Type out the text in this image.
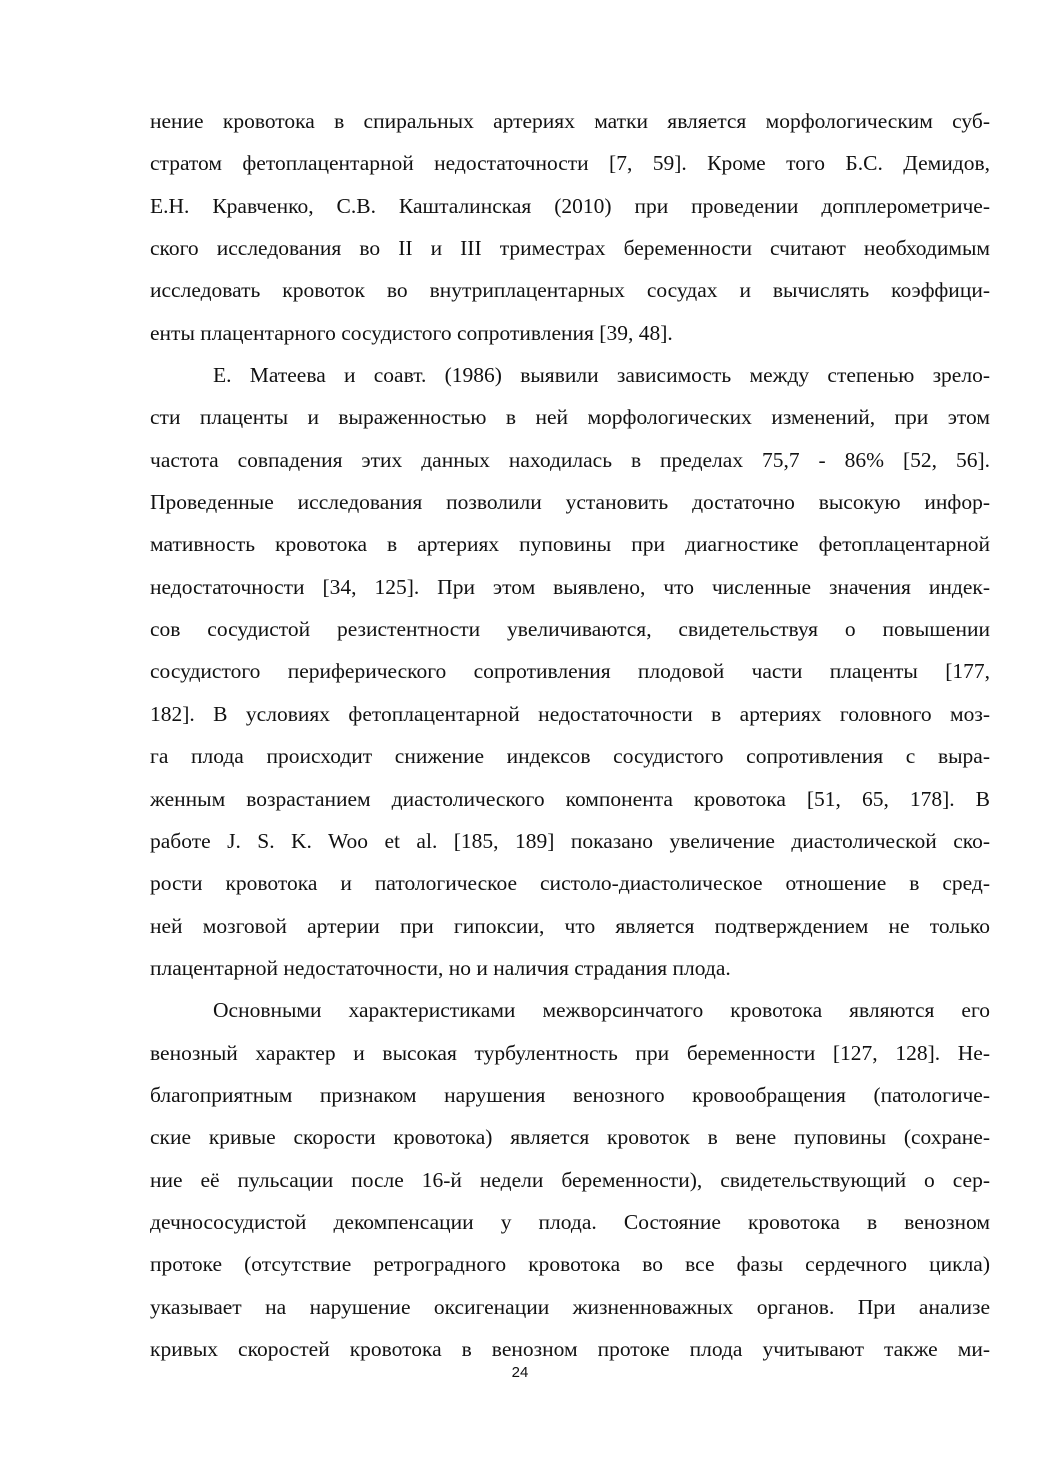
нение кровотока в спиральных артериях матки является морфологическим суб-
стратом фетоплацентарной недостаточности [7, 59]. Кроме того Б.С. Демидов,
Е.Н. Кравченко, С.В. Кашталинская (2010) при проведении допплерометриче-
ского исследования во II и III триместрах беременности считают необходимым
исследовать кровоток во внутриплацентарных сосудах и вычислять коэффици-
енты плацентарного сосудистого сопротивления [39, 48].
Е. Матеева и соавт. (1986) выявили зависимость между степенью зрело-
сти плаценты и выраженностью в ней морфологических изменений, при этом
частота совпадения этих данных находилась в пределах 75,7 - 86% [52, 56].
Проведенные исследования позволили установить достаточно высокую инфор-
мативность кровотока в артериях пуповины при диагностике фетоплацентарной
недостаточности [34, 125]. При этом выявлено, что численные значения индек-
сов сосудистой резистентности увеличиваются, свидетельствуя о повышении
сосудистого периферического сопротивления плодовой части плаценты [177,
182]. В условиях фетоплацентарной недостаточности в артериях головного моз-
га плода происходит снижение индексов сосудистого сопротивления с выра-
женным возрастанием диастолического компонента кровотока [51, 65, 178]. В
работе J. S. K. Woo et al. [185, 189] показано увеличение диастолической ско-
рости кровотока и патологическое систоло-диастолическое отношение в сред-
ней мозговой артерии при гипоксии, что является подтверждением не только
плацентарной недостаточности, но и наличия страдания плода.
Основными характеристиками межворсинчатого кровотока являются его
венозный характер и высокая турбулентность при беременности [127, 128]. Не-
благоприятным признаком нарушения венозного кровообращения (патологиче-
ские кривые скорости кровотока) является кровоток в вене пуповины (сохране-
ние её пульсации после 16-й недели беременности), свидетельствующий о сер-
дечнососудистой декомпенсации у плода. Состояние кровотока в венозном
протоке (отсутствие ретроградного кровотока во все фазы сердечного цикла)
указывает на нарушение оксигенации жизненноважных органов. При анализе
кривых скоростей кровотока в венозном протоке плода учитывают также ми-
24
